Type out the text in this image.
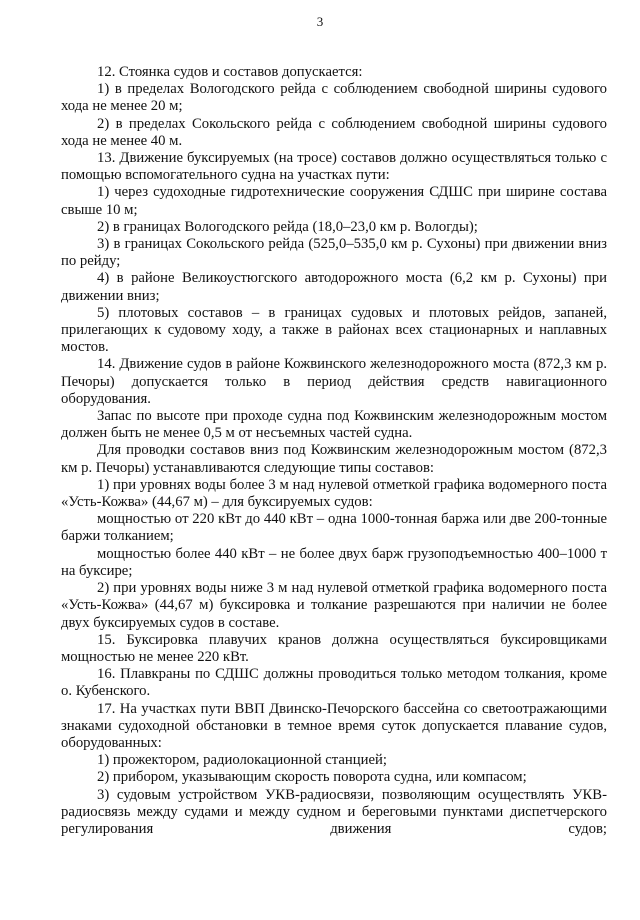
3

12. Стоянка судов и составов допускается:

1) в пределах Вологодского рейда с соблюдением свободной ширины судового хода не менее 20 м;

2) в пределах Сокольского рейда с соблюдением свободной ширины судового хода не менее 40 м.

13. Движение буксируемых (на тросе) составов должно осуществляться только с помощью вспомогательного судна на участках пути:

1) через судоходные гидротехнические сооружения СДШС при ширине состава свыше 10 м;

2) в границах Вологодского рейда (18,0–23,0 км р. Вологды);

3) в границах Сокольского рейда (525,0–535,0 км р. Сухоны) при движении вниз по рейду;

4) в районе Великоустюгского автодорожного моста (6,2 км р. Сухоны) при движении вниз;

5) плотовых составов – в границах судовых и плотовых рейдов, запаней, прилегающих к судовому ходу, а также в районах всех стационарных и наплавных мостов.

14. Движение судов в районе Кожвинского железнодорожного моста (872,3 км р. Печоры) допускается только в период действия средств навигационного оборудования.

Запас по высоте при проходе судна под Кожвинским железнодорожным мостом должен быть не менее 0,5 м от несъемных частей судна.

Для проводки составов вниз под Кожвинским железнодорожным мостом (872,3 км р. Печоры) устанавливаются следующие типы составов:

1) при уровнях воды более 3 м над нулевой отметкой графика водомерного поста «Усть-Кожва» (44,67 м) – для буксируемых судов:

мощностью от 220 кВт до 440 кВт – одна 1000-тонная баржа или две 200-тонные баржи толканием;

мощностью более 440 кВт – не более двух барж грузоподъемностью 400–1000 т на буксире;

2) при уровнях воды ниже 3 м над нулевой отметкой графика водомерного поста «Усть-Кожва» (44,67 м) буксировка и толкание разрешаются при наличии не более двух буксируемых судов в составе.

15. Буксировка плавучих кранов должна осуществляться буксировщиками мощностью не менее 220 кВт.

16. Плавкраны по СДШС должны проводиться только методом толкания, кроме о. Кубенского.

17. На участках пути ВВП Двинско-Печорского бассейна со светоотражающими знаками судоходной обстановки в темное время суток допускается плавание судов, оборудованных:

1) прожектором, радиолокационной станцией;

2) прибором, указывающим скорость поворота судна, или компасом;

3) судовым устройством УКВ-радиосвязи, позволяющим осуществлять УКВ-радиосвязь между судами и между судном и береговыми пунктами диспетчерского регулирования движения судов;
